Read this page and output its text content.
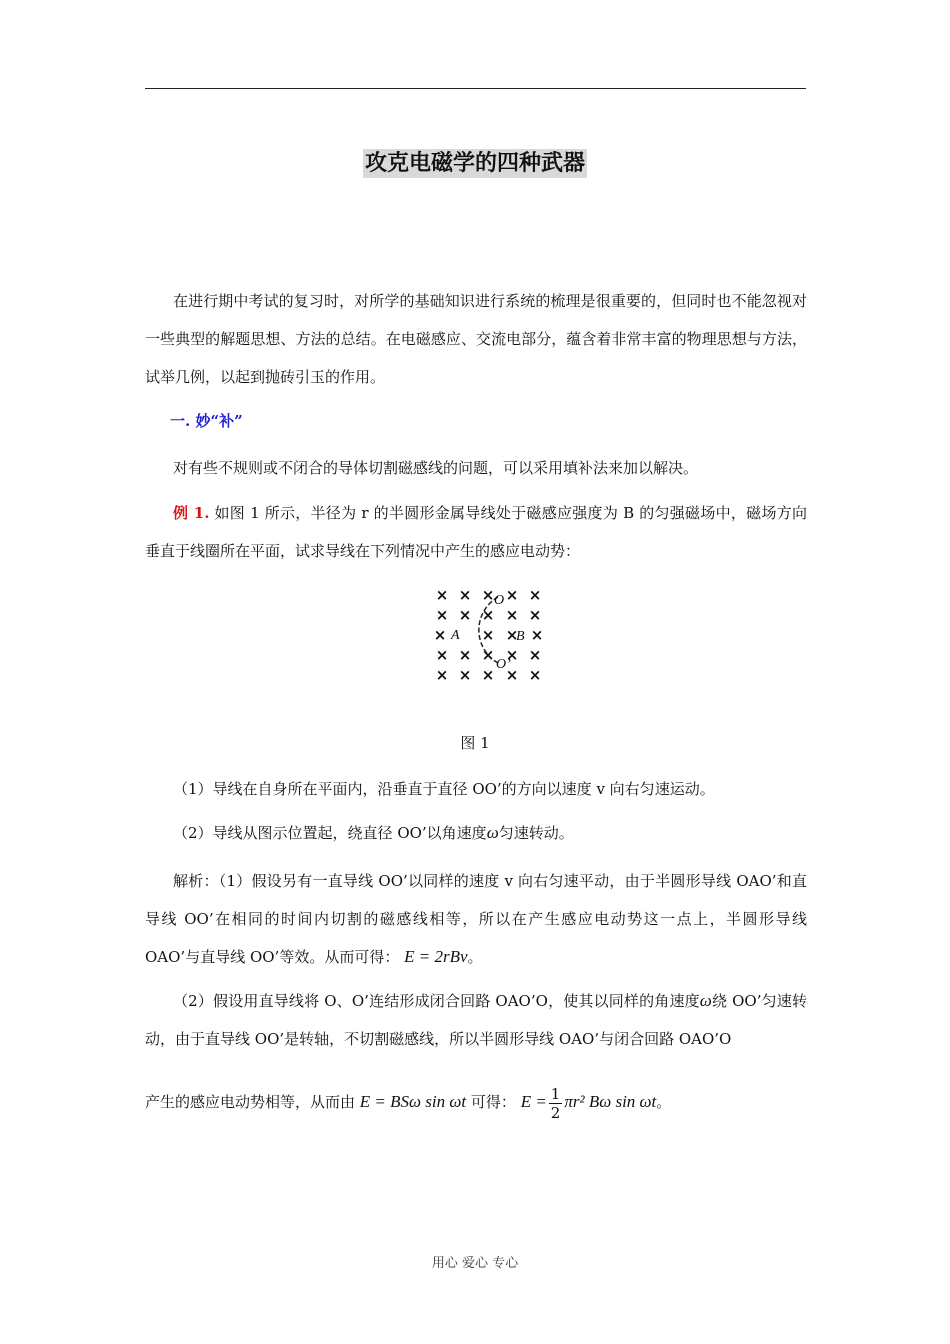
攻克电磁学的四种武器
在进行期中考试的复习时，对所学的基础知识进行系统的梳理是很重要的，但同时也不能忽视对一些典型的解题思想、方法的总结。在电磁感应、交流电部分，蕴含着非常丰富的物理思想与方法，试举几例，以起到抛砖引玉的作用。
一. 妙“补”
对有些不规则或不闭合的导体切割磁感线的问题，可以采用填补法来加以解决。
例 1. 如图 1 所示，半径为 r 的半圆形金属导线处于磁感应强度为 B 的匀强磁场中，磁场方向垂直于线圈所在平面，试求导线在下列情况中产生的感应电动势：
× × × × ×
× × × × ×
× × × ×
× × × × ×
× × × × ×
O
A	B
O’
图 1
（1）导线在自身所在平面内，沿垂直于直径 OO’的方向以速度 v 向右匀速运动。
（2）导线从图示位置起，绕直径 OO’以角速度ω匀速转动。
解析：（1）假设另有一直导线 OO’以同样的速度 v 向右匀速平动，由于半圆形导线 OAO’和直导线 OO’在相同的时间内切割的磁感线相等，所以在产生感应电动势这一点上，半圆形导线 OAO’与直导线 OO’等效。从而可得： E = 2rBv。
（2）假设用直导线将 O、O’连结形成闭合回路 OAO’O，使其以同样的角速度ω绕 OO’匀速转动，由于直导线 OO’是转轴，不切割磁感线，所以半圆形导线 OAO’与闭合回路 OAO’O
产生的感应电动势相等，从而由 E = BSω sin ωt 可得： $E = \frac{1}{2} \pi r^2$ Bω sin ωt。
用心 爱心 专心
